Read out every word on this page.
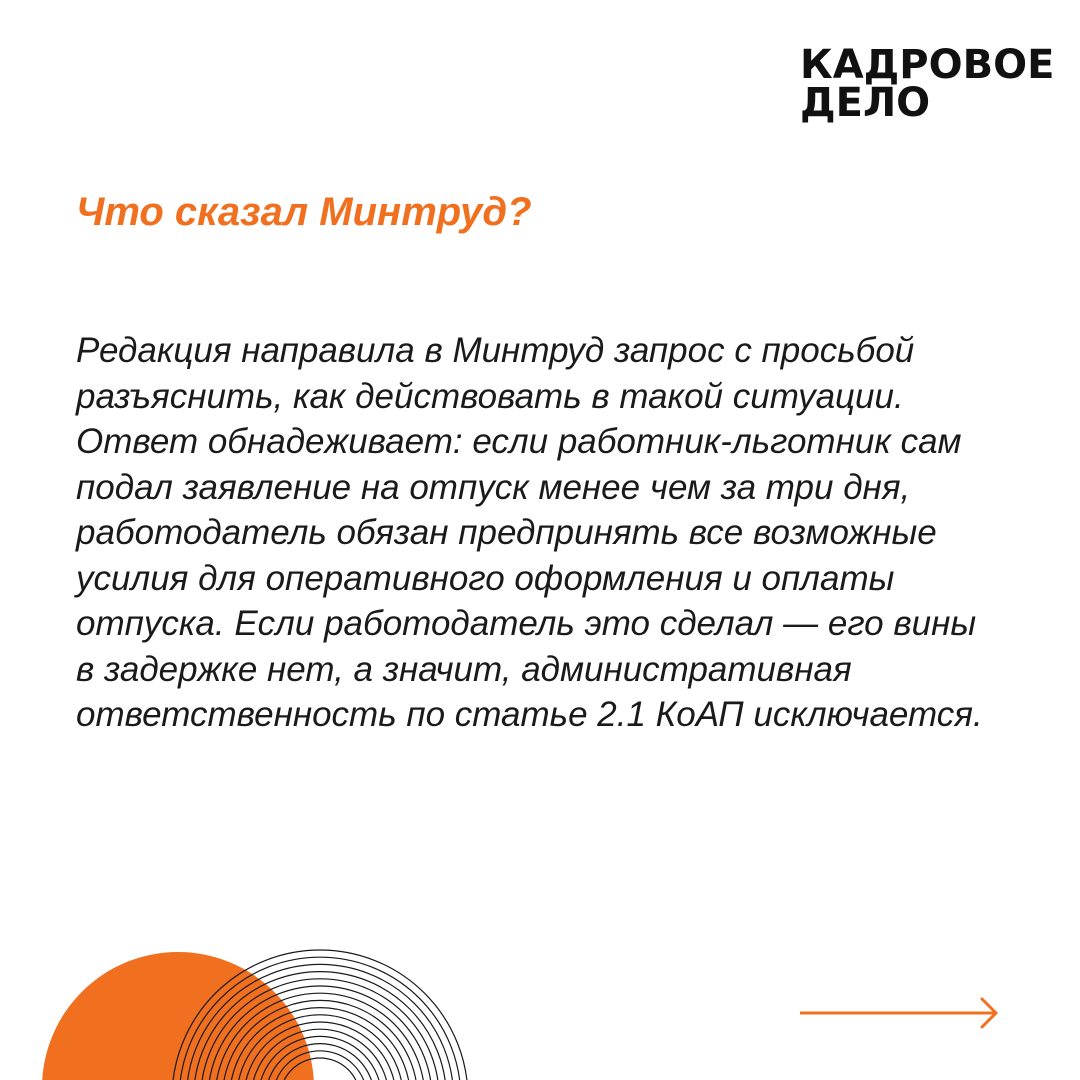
КАДРОВОЕ
ДЕЛО
Что сказал Минтруд?

Редакция направила в Минтруд запрос с просьбой
разъяснить, как действовать в такой ситуации.
Ответ обнадеживает: если работник-льготник сам
подал заявление на отпуск менее чем за три дня,
работодатель обязан предпринять все возможные
усилия для оперативного оформления и оплаты
отпуска. Если работодатель это сделал — его вины
в задержке нет, а значит, административная
ответственность по статье 2.1 КоАП исключается.
